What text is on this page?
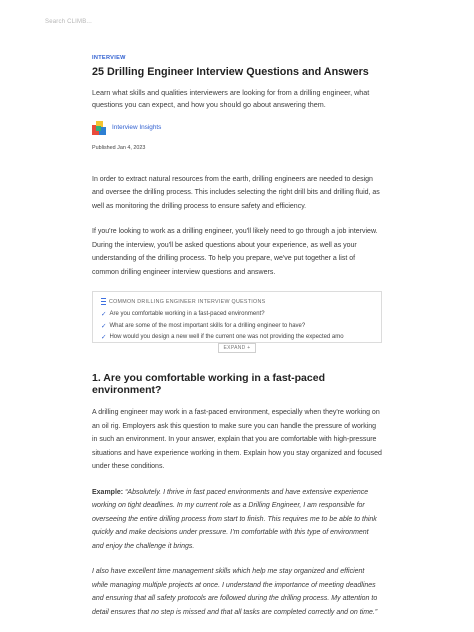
Search CLIMB...
INTERVIEW
25 Drilling Engineer Interview Questions and Answers
Learn what skills and qualities interviewers are looking for from a drilling engineer, what questions you can expect, and how you should go about answering them.
Interview Insights
Published Jan 4, 2023

In order to extract natural resources from the earth, drilling engineers are needed to design and oversee the drilling process. This includes selecting the right drill bits and drilling fluid, as well as monitoring the drilling process to ensure safety and efficiency.

If you're looking to work as a drilling engineer, you'll likely need to go through a job interview. During the interview, you'll be asked questions about your experience, as well as your understanding of the drilling process. To help you prepare, we've put together a list of common drilling engineer interview questions and answers.

COMMON DRILLING ENGINEER INTERVIEW QUESTIONS
✓ Are you comfortable working in a fast-paced environment?
✓ What are some of the most important skills for a drilling engineer to have?
✓ How would you design a new well if the current one was not providing the expected amo
EXPAND +
1. Are you comfortable working in a fast-paced environment?

A drilling engineer may work in a fast-paced environment, especially when they're working on an oil rig. Employers ask this question to make sure you can handle the pressure of working in such an environment. In your answer, explain that you are comfortable with high-pressure situations and have experience working in them. Explain how you stay organized and focused under these conditions.

Example: “Absolutely. I thrive in fast paced environments and have extensive experience working on tight deadlines. In my current role as a Drilling Engineer, I am responsible for overseeing the entire drilling process from start to finish. This requires me to be able to think quickly and make decisions under pressure. I’m comfortable with this type of environment and enjoy the challenge it brings.

I also have excellent time management skills which help me stay organized and efficient while managing multiple projects at once. I understand the importance of meeting deadlines and ensuring that all safety protocols are followed during the drilling process. My attention to detail ensures that no step is missed and that all tasks are completed correctly and on time.”
